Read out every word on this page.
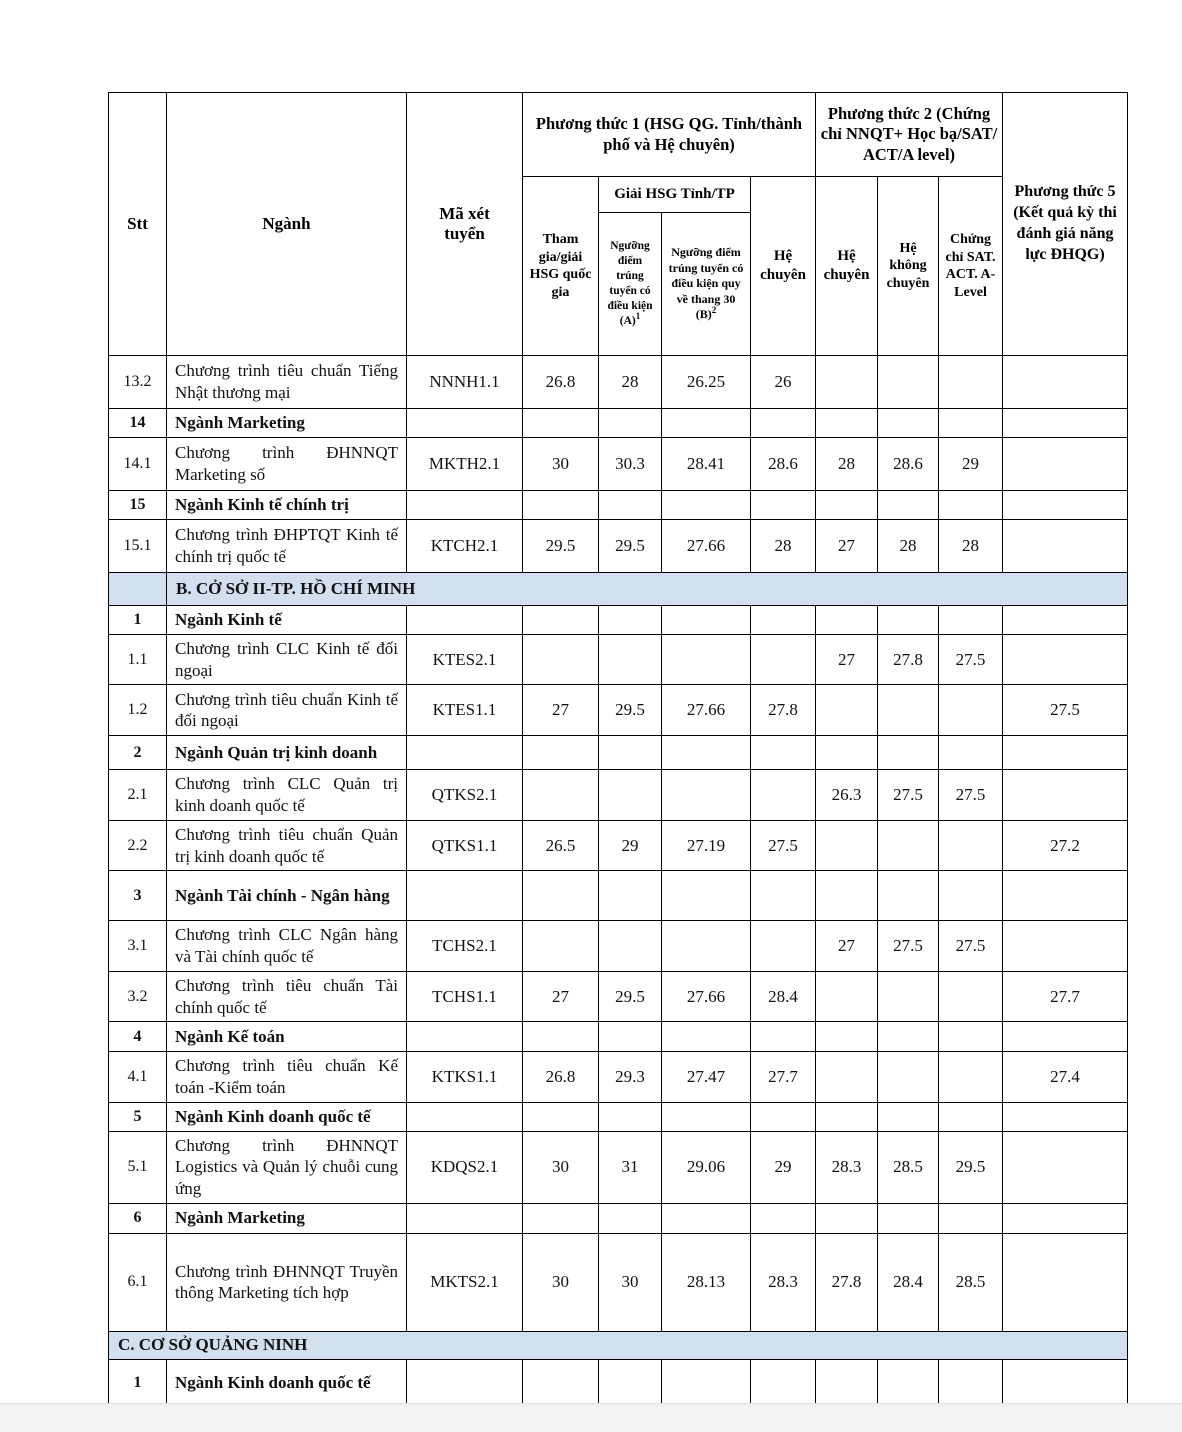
Stt	Ngành	Mã xét tuyển	Phương thức 1 (HSG QG. Tỉnh/thành phố và Hệ chuyên)				Phương thức 2 (Chứng chỉ NNQT+ Học bạ/SAT/ ACT/A level)			Phương thức 5 (Kết quả kỳ thi đánh giá năng lực ĐHQG)
			Tham gia/giải HSG quốc gia	Giải HSG Tỉnh/TP		Hệ chuyên	Hệ chuyên	Hệ không chuyên	Chứng chỉ SAT. ACT. A-Level	
				Ngưỡng điểm trúng tuyển có điều kiện $(A)^1$	Ngưỡng điểm trúng tuyển có điều kiện quy về thang 30 $(B)^2$
13.2	Chương trình tiêu chuẩn Tiếng Nhật thương mại	NNNH1.1	26.8	28	26.25	26				
14	Ngành Marketing									
14.1	Chương trình ĐHNNQT Marketing số	MKTH2.1	30	30.3	28.41	28.6	28	28.6	29	
15	Ngành Kinh tế chính trị									
15.1	Chương trình ĐHPTQT Kinh tế chính trị quốc tế	KTCH2.1	29.5	29.5	27.66	28	27	28	28	
	B. CỞ SỞ II-TP. HỒ CHÍ MINH									
1	Ngành Kinh tế									
1.1	Chương trình CLC Kinh tế đối ngoại	KTES2.1					27	27.8	27.5	
1.2	Chương trình tiêu chuẩn Kinh tế đối ngoại	KTES1.1	27	29.5	27.66	27.8				27.5
2	Ngành Quản trị kinh doanh									
2.1	Chương trình CLC Quản trị kinh doanh quốc tế	QTKS2.1					26.3	27.5	27.5	
2.2	Chương trình tiêu chuẩn Quản trị kinh doanh quốc tế	QTKS1.1	26.5	29	27.19	27.5				27.2
3	Ngành Tài chính - Ngân hàng									
3.1	Chương trình CLC Ngân hàng và Tài chính quốc tế	TCHS2.1					27	27.5	27.5	
3.2	Chương trình tiêu chuẩn Tài chính quốc tế	TCHS1.1	27	29.5	27.66	28.4				27.7
4	Ngành Kế toán									
4.1	Chương trình tiêu chuẩn Kế toán -Kiểm toán	KTKS1.1	26.8	29.3	27.47	27.7				27.4
5	Ngành Kinh doanh quốc tế									
5.1	Chương trình ĐHNNQT Logistics và Quản lý chuỗi cung ứng	KDQS2.1	30	31	29.06	29	28.3	28.5	29.5	
6	Ngành Marketing									
6.1	Chương trình ĐHNNQT Truyền thông Marketing tích hợp	MKTS2.1	30	30	28.13	28.3	27.8	28.4	28.5	
C. CƠ SỞ QUẢNG NINH										
1	Ngành Kinh doanh quốc tế									
